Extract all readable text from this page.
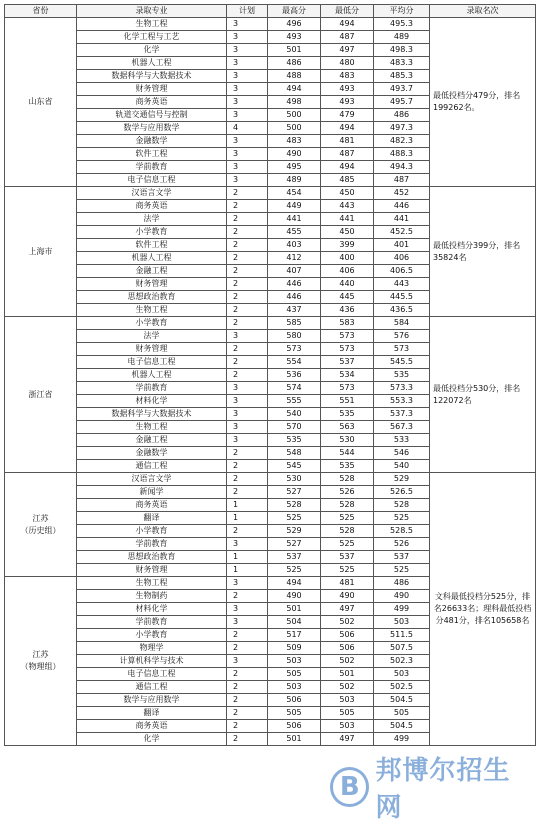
省份	录取专业	计划	最高分	最低分	平均分	录取名次
山东省	生物工程	3	496	494	495.3	最低投档分479分，排名199262名。
	化学工程与工艺	3	493	487	489	
	化学	3	501	497	498.3	
	机器人工程	3	486	480	483.3	
	数据科学与大数据技术	3	488	483	485.3	
	财务管理	3	494	493	493.7	
	商务英语	3	498	493	495.7	
	轨道交通信号与控制	3	500	479	486	
	数学与应用数学	4	500	494	497.3	
	金融数学	3	483	481	482.3	
	软件工程	3	490	487	488.3	
	学前教育	3	495	494	494.3	
	电子信息工程	3	489	485	487	
上海市	汉语言文学	2	454	450	452	最低投档分399分，排名35824名
	商务英语	2	449	443	446	
	法学	2	441	441	441	
	小学教育	2	455	450	452.5	
	软件工程	2	403	399	401	
	机器人工程	2	412	400	406	
	金融工程	2	407	406	406.5	
	财务管理	2	446	440	443	
	思想政治教育	2	446	445	445.5	
	生物工程	2	437	436	436.5	
浙江省	小学教育	2	585	583	584	最低投档分530分，排名122072名
	法学	3	580	573	576	
	财务管理	2	573	573	573	
	电子信息工程	2	554	537	545.5	
	机器人工程	2	536	534	535	
	学前教育	3	574	573	573.3	
	材料化学	3	555	551	553.3	
	数据科学与大数据技术	3	540	535	537.3	
	生物工程	3	570	563	567.3	
	金融工程	3	535	530	533	
	金融数学	2	548	544	546	
	通信工程	2	545	535	540	
江苏
（历史组）	汉语言文学	2	530	528	529	文科最低投档分525分，排名26633名；理科最低投档分481分，排名105658名
	新闻学	2	527	526	526.5	
	商务英语	1	528	528	528	
	翻译	1	525	525	525	
	小学教育	2	529	528	528.5	
	学前教育	3	527	525	526	
	思想政治教育	1	537	537	537	
	财务管理	1	525	525	525	
江苏
（物理组）	生物工程	3	494	481	486	
	生物制药	2	490	490	490	
	材料化学	3	501	497	499	
	学前教育	3	504	502	503	
	小学教育	2	517	506	511.5	
	物理学	2	509	506	507.5	
	计算机科学与技术	3	503	502	502.3	
	电子信息工程	2	505	501	503	
	通信工程	2	503	502	502.5	
	数学与应用数学	2	506	503	504.5	
	翻译	2	505	505	505	
	商务英语	2	506	503	504.5	
	化学	2	501	497	499	
B
邦博尔招生网
